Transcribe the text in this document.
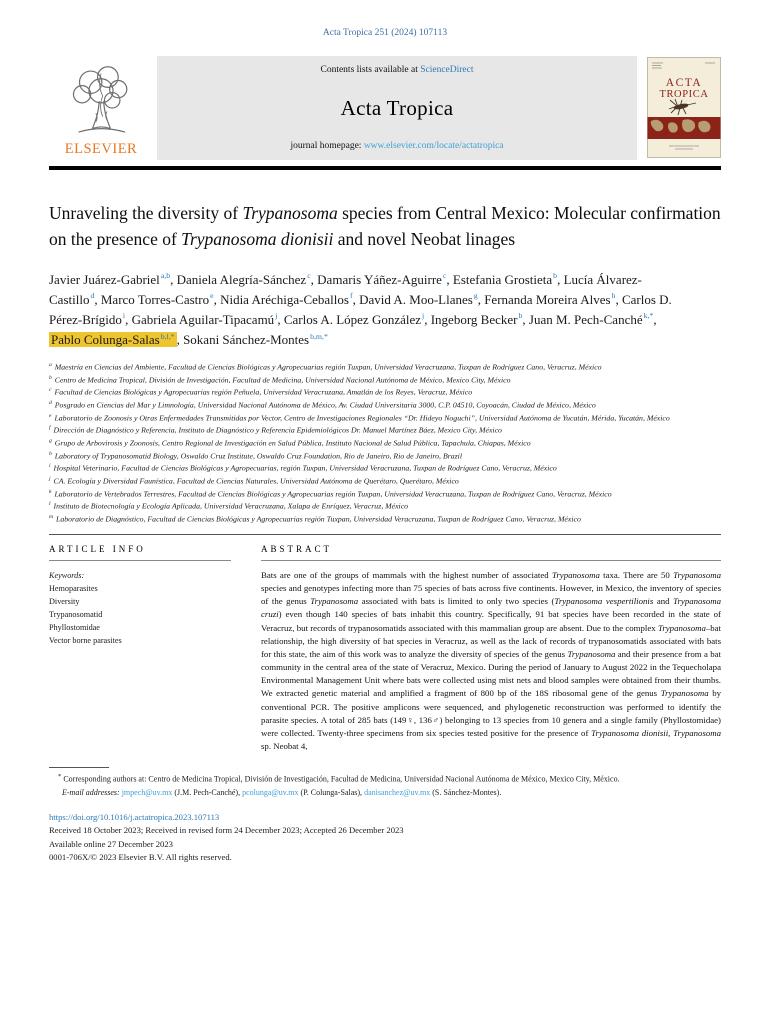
Acta Tropica 251 (2024) 107113
ELSEVIER
Contents lists available at ScienceDirect
Acta Tropica
journal homepage: www.elsevier.com/locate/actatropica
ACTA
TROPICA
Unraveling the diversity of Trypanosoma species from Central Mexico: Molecular confirmation on the presence of Trypanosoma dionisii and novel Neobat linages
Javier Juárez-Gabriel$^{a,b}$, Daniela Alegría-Sánchez$^c$, Damaris Yáñez-Aguirre$^c$, Estefania Grostieta$^b$, Lucía Álvarez-Castillo$^d$, Marco Torres-Castro$^e$, Nidia Aréchiga-Ceballos$^f$, David A. Moo-Llanes$^g$, Fernanda Moreira Alves$^h$, Carlos D. Pérez-Brígido$^i$, Gabriela Aguilar-Tipacamú$^j$, Carlos A. López González$^j$, Ingeborg Becker$^b$, Juan M. Pech-Canché$^{k,*}$, Pablo Colunga-Salas$^{b,l,*}$ , Sokani Sánchez-Montes$^{b,m,*}$
$^a$ Maestría en Ciencias del Ambiente, Facultad de Ciencias Biológicas y Agropecuarias región Tuxpan, Universidad Veracruzana, Tuxpan de Rodríguez Cano, Veracruz, México
$^b$ Centro de Medicina Tropical, División de Investigación, Facultad de Medicina, Universidad Nacional Autónoma de México, Mexico City, México
$^c$ Facultad de Ciencias Biológicas y Agropecuarias región Peñuela, Universidad Veracruzana, Amatlán de los Reyes, Veracruz, México
$^d$ Posgrado en Ciencias del Mar y Limnología, Universidad Nacional Autónoma de México, Av. Ciudad Universitaria 3000, C.P. 04510, Coyoacán, Ciudad de México, México
$^e$ Laboratorio de Zoonosis y Otras Enfermedades Transmitidas por Vector, Centro de Investigaciones Regionales “Dr. Hideyo Noguchi”, Universidad Autónoma de Yucatán, Mérida, Yucatán, México
$^f$ Dirección de Diagnóstico y Referencia, Instituto de Diagnóstico y Referencia Epidemiológicos Dr. Manuel Martínez Báez, Mexico City, México
$^g$ Grupo de Arbovirosis y Zoonosis, Centro Regional de Investigación en Salud Pública, Instituto Nacional de Salud Pública, Tapachula, Chiapas, México
$^h$ Laboratory of Trypanosomatid Biology, Oswaldo Cruz Institute, Oswaldo Cruz Foundation, Rio de Janeiro, Rio de Janeiro, Brazil
$^i$ Hospital Veterinario, Facultad de Ciencias Biológicas y Agropecuarias, región Tuxpan, Universidad Veracruzana, Tuxpan de Rodríguez Cano, Veracruz, México
$^j$ CA. Ecología y Diversidad Faunística, Facultad de Ciencias Naturales, Universidad Autónoma de Querétaro, Querétaro, México
$^k$ Laboratorio de Vertebrados Terrestres, Facultad de Ciencias Biológicas y Agropecuarias región Tuxpan, Universidad Veracruzana, Tuxpan de Rodríguez Cano, Veracruz, México
$^l$ Instituto de Biotecnología y Ecología Aplicada, Universidad Veracruzana, Xalapa de Enríquez, Veracruz, México
$^m$ Laboratorio de Diagnóstico, Facultad de Ciencias Biológicas y Agropecuarias región Tuxpan, Universidad Veracruzana, Tuxpan de Rodríguez Cano, Veracruz, México
ARTICLE INFO
Keywords:
Hemoparasites
Diversity
Trypanosomatid
Phyllostomidae
Vector borne parasites
ABSTRACT
Bats are one of the groups of mammals with the highest number of associated Trypanosoma taxa. There are 50 Trypanosoma species and genotypes infecting more than 75 species of bats across five continents. However, in Mexico, the inventory of species of the genus Trypanosoma associated with bats is limited to only two species (Trypanosoma vespertilionis and Trypanosoma cruzi) even though 140 species of bats inhabit this country. Specifically, 91 bat species have been recorded in the state of Veracruz, but records of trypanosomatids associated with this mammalian group are absent. Due to the complex Trypanosoma–bat relationship, the high diversity of bat species in Veracruz, as well as the lack of records of trypanosomatids associated with bats for this state, the aim of this work was to analyze the diversity of species of the genus Trypanosoma and their presence from a bat community in the central area of the state of Veracruz, Mexico. During the period of January to August 2022 in the Tequecholapa Environmental Management Unit where bats were collected using mist nets and blood samples were obtained from their thumbs. We extracted genetic material and amplified a fragment of 800 bp of the 18S ribosomal gene of the genus Trypanosoma by conventional PCR. The positive amplicons were sequenced, and phylogenetic reconstruction was performed to identify the parasite species. A total of 285 bats (149♀, 136♂) belonging to 13 species from 10 genera and a single family (Phyllostomidae) were collected. Twenty-three specimens from six species tested positive for the presence of Trypanosoma dionisii, Trypanosoma sp. Neobat 4,
* Corresponding authors at: Centro de Medicina Tropical, División de Investigación, Facultad de Medicina, Universidad Nacional Autónoma de México, Mexico City, México.
E-mail addresses: jmpech@uv.mx (J.M. Pech-Canché), pcolunga@uv.mx (P. Colunga-Salas), danisanchez@uv.mx (S. Sánchez-Montes).
https://doi.org/10.1016/j.actatropica.2023.107113
Received 18 October 2023; Received in revised form 24 December 2023; Accepted 26 December 2023
Available online 27 December 2023
0001-706X/© 2023 Elsevier B.V. All rights reserved.
